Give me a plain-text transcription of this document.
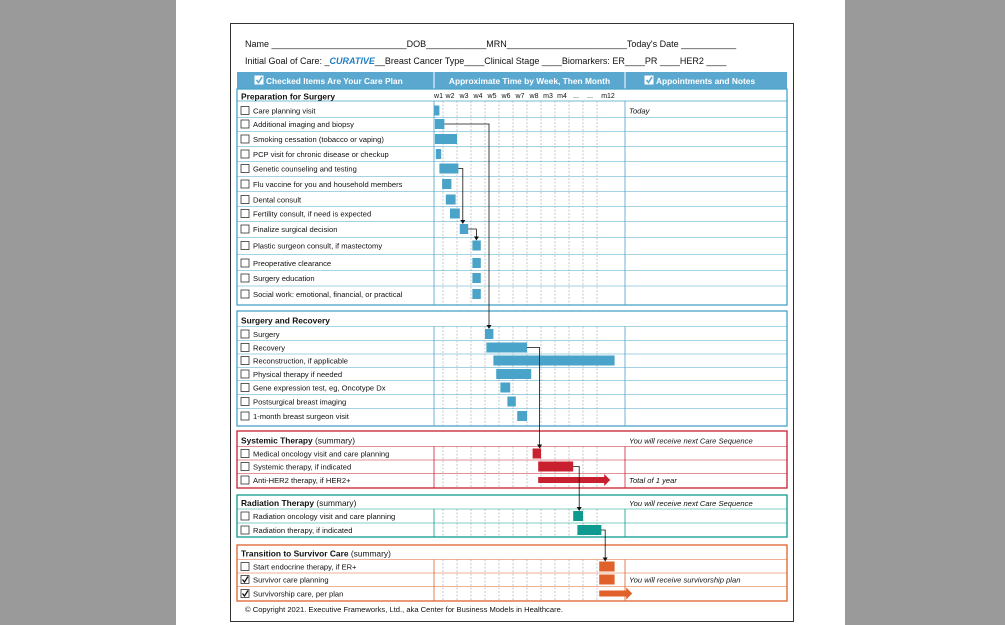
Name ___________________________DOB____________MRN________________________Today's Date ___________
Initial Goal of Care: _CURATIVE__Breast Cancer Type____Clinical Stage ____Biomarkers: ER____PR ____HER2 ____
Checked Items Are Your Care Plan	Approximate Time by Week, Then Month	Appointments and Notes
w1 w2 w3 w4 w5 w6 w7 w8 m3 m4 ... ... m12
Preparation for Surgery
Care planning visit	Today
Additional imaging and biopsy
Smoking cessation (tobacco or vaping)
PCP visit for chronic disease or checkup
Genetic counseling and testing
Flu vaccine for you and household members
Dental consult
Fertility consult, if need is expected
Finalize surgical decision
Plastic surgeon consult, if mastectomy
Preoperative clearance
Surgery education
Social work: emotional, financial, or practical
Surgery and Recovery
Surgery
Recovery
Reconstruction, if applicable
Physical therapy if needed
Gene expression test, eg, Oncotype Dx
Postsurgical breast imaging
1-month breast surgeon visit
Systemic Therapy (summary)	You will receive next Care Sequence
Medical oncology visit and care planning
Systemic therapy, if indicated
Anti-HER2 therapy, if HER2+	Total of 1 year
Radiation Therapy (summary)	You will receive next Care Sequence
Radiation oncology visit and care planning
Radiation therapy, if indicated
Transition to Survivor Care (summary)
Start endocrine therapy, if ER+
Survivor care planning	You will receive survivorship plan
Survivorship care, per plan
© Copyright 2021. Executive Frameworks, Ltd., aka Center for Business Models in Healthcare.
